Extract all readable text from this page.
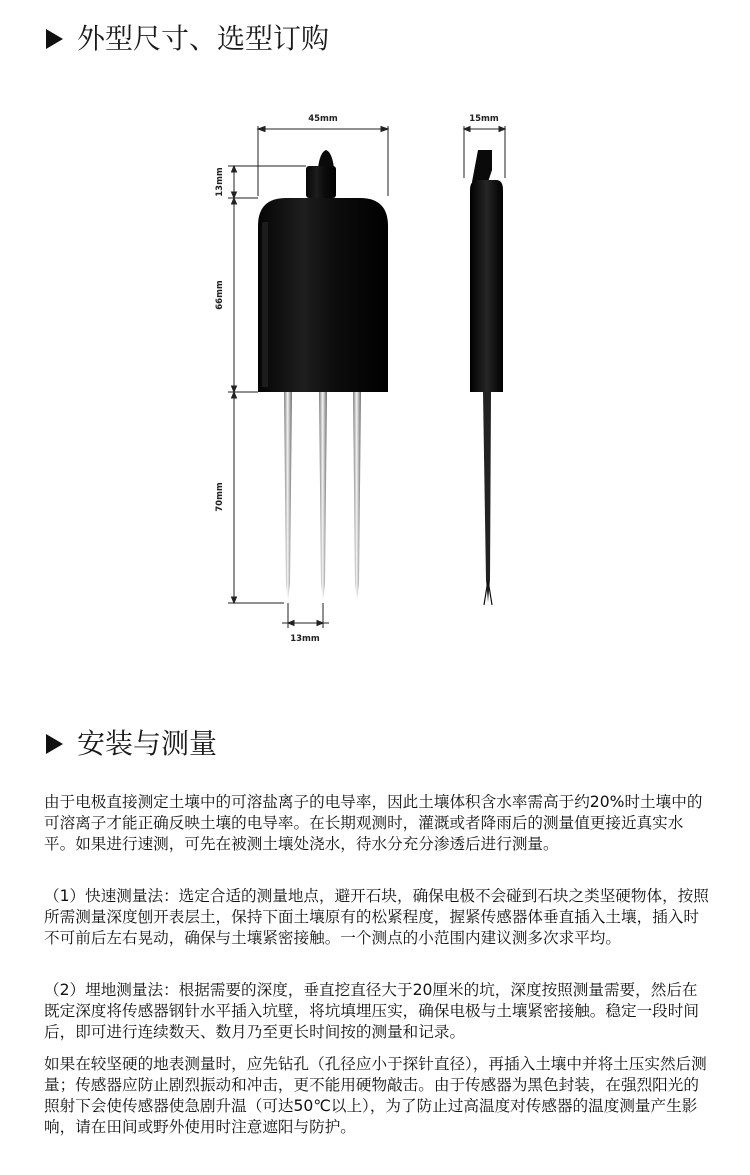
外型尺寸、选型订购
45mm	15mm
13mm
66mm
70mm
13mm
安装与测量

由于电极直接测定土壤中的可溶盐离子的电导率，因此土壤体积含水率需高于约20%时土壤中的可溶离子才能正确反映土壤的电导率。在长期观测时，灌溉或者降雨后的测量值更接近真实水平。如果进行速测，可先在被测土壤处浇水，待水分充分渗透后进行测量。

（1）快速测量法：选定合适的测量地点，避开石块，确保电极不会碰到石块之类坚硬物体，按照所需测量深度刨开表层土，保持下面土壤原有的松紧程度，握紧传感器体垂直插入土壤，插入时不可前后左右晃动，确保与土壤紧密接触。一个测点的小范围内建议测多次求平均。

（2）埋地测量法：根据需要的深度，垂直挖直径大于20厘米的坑，深度按照测量需要，然后在既定深度将传感器钢针水平插入坑壁，将坑填埋压实，确保电极与土壤紧密接触。稳定一段时间后，即可进行连续数天、数月乃至更长时间按的测量和记录。

如果在较坚硬的地表测量时，应先钻孔（孔径应小于探针直径），再插入土壤中并将土压实然后测量；传感器应防止剧烈振动和冲击，更不能用硬物敲击。由于传感器为黑色封装，在强烈阳光的照射下会使传感器使急剧升温（可达50℃以上），为了防止过高温度对传感器的温度测量产生影响，请在田间或野外使用时注意遮阳与防护。
